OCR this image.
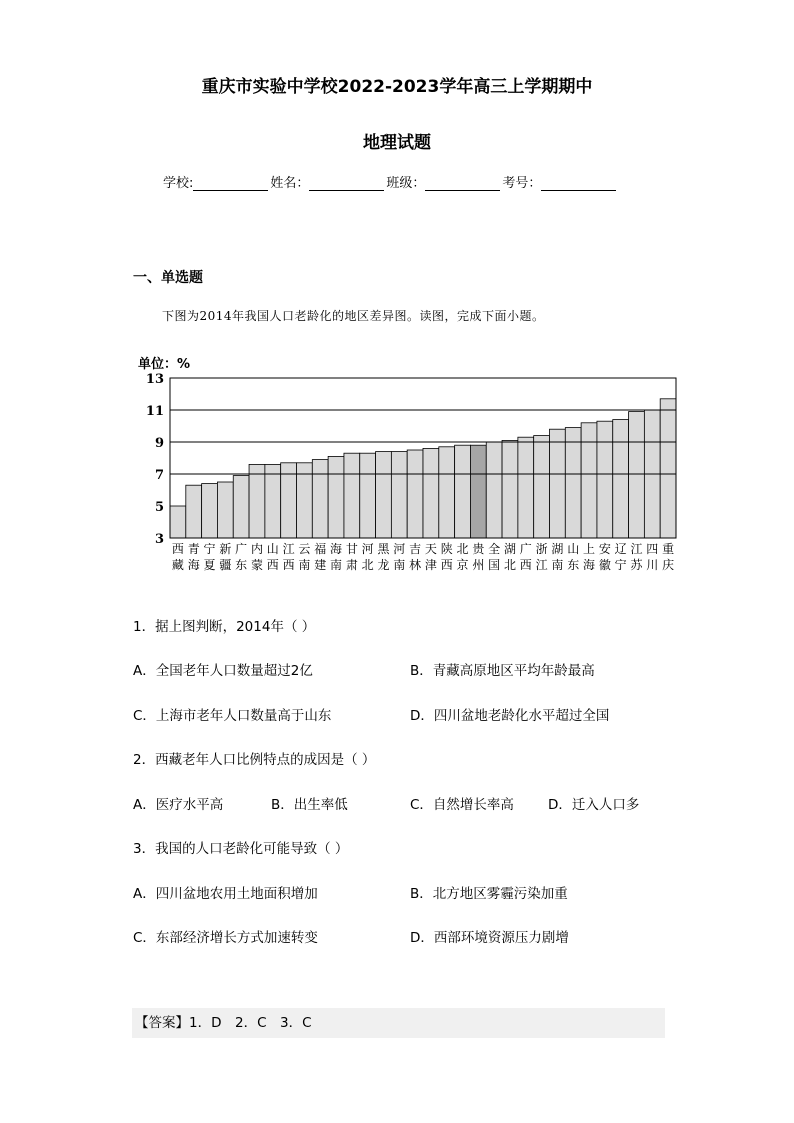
重庆市实验中学校2022-2023学年高三上学期期中
地理试题
学校:	姓名：	班级：	考号：
一、单选题
下图为2014年我国人口老龄化的地区差异图。读图，完成下面小题。
单位：%
西
藏
青
海
宁
夏
新
疆
广
东
内
蒙
山
西
江
西
云
南
福
建
海
南
甘
肃
河
北
黑
龙
河
南
吉
林
天
津
陕
西
北
京
贵
州
全
国
湖
北
广
西
浙
江
湖
南
山
东
上
海
安
徽
辽
宁
江
苏
四
川
重
庆
3
5
7
9
11
13
1．据上图判断，2014年（ ）
A．全国老年人口数量超过2亿	B．青藏高原地区平均年龄最高
C．上海市老年人口数量高于山东	D．四川盆地老龄化水平超过全国
2．西藏老年人口比例特点的成因是（ ）
A．医疗水平高	B．出生率低	C．自然增长率高	D．迁入人口多
3．我国的人口老龄化可能导致（ ）
A．四川盆地农用土地面积增加	B．北方地区雾霾污染加重
C．东部经济增长方式加速转变	D．西部环境资源压力剧增
【答案】1．D　2．C　3．C
